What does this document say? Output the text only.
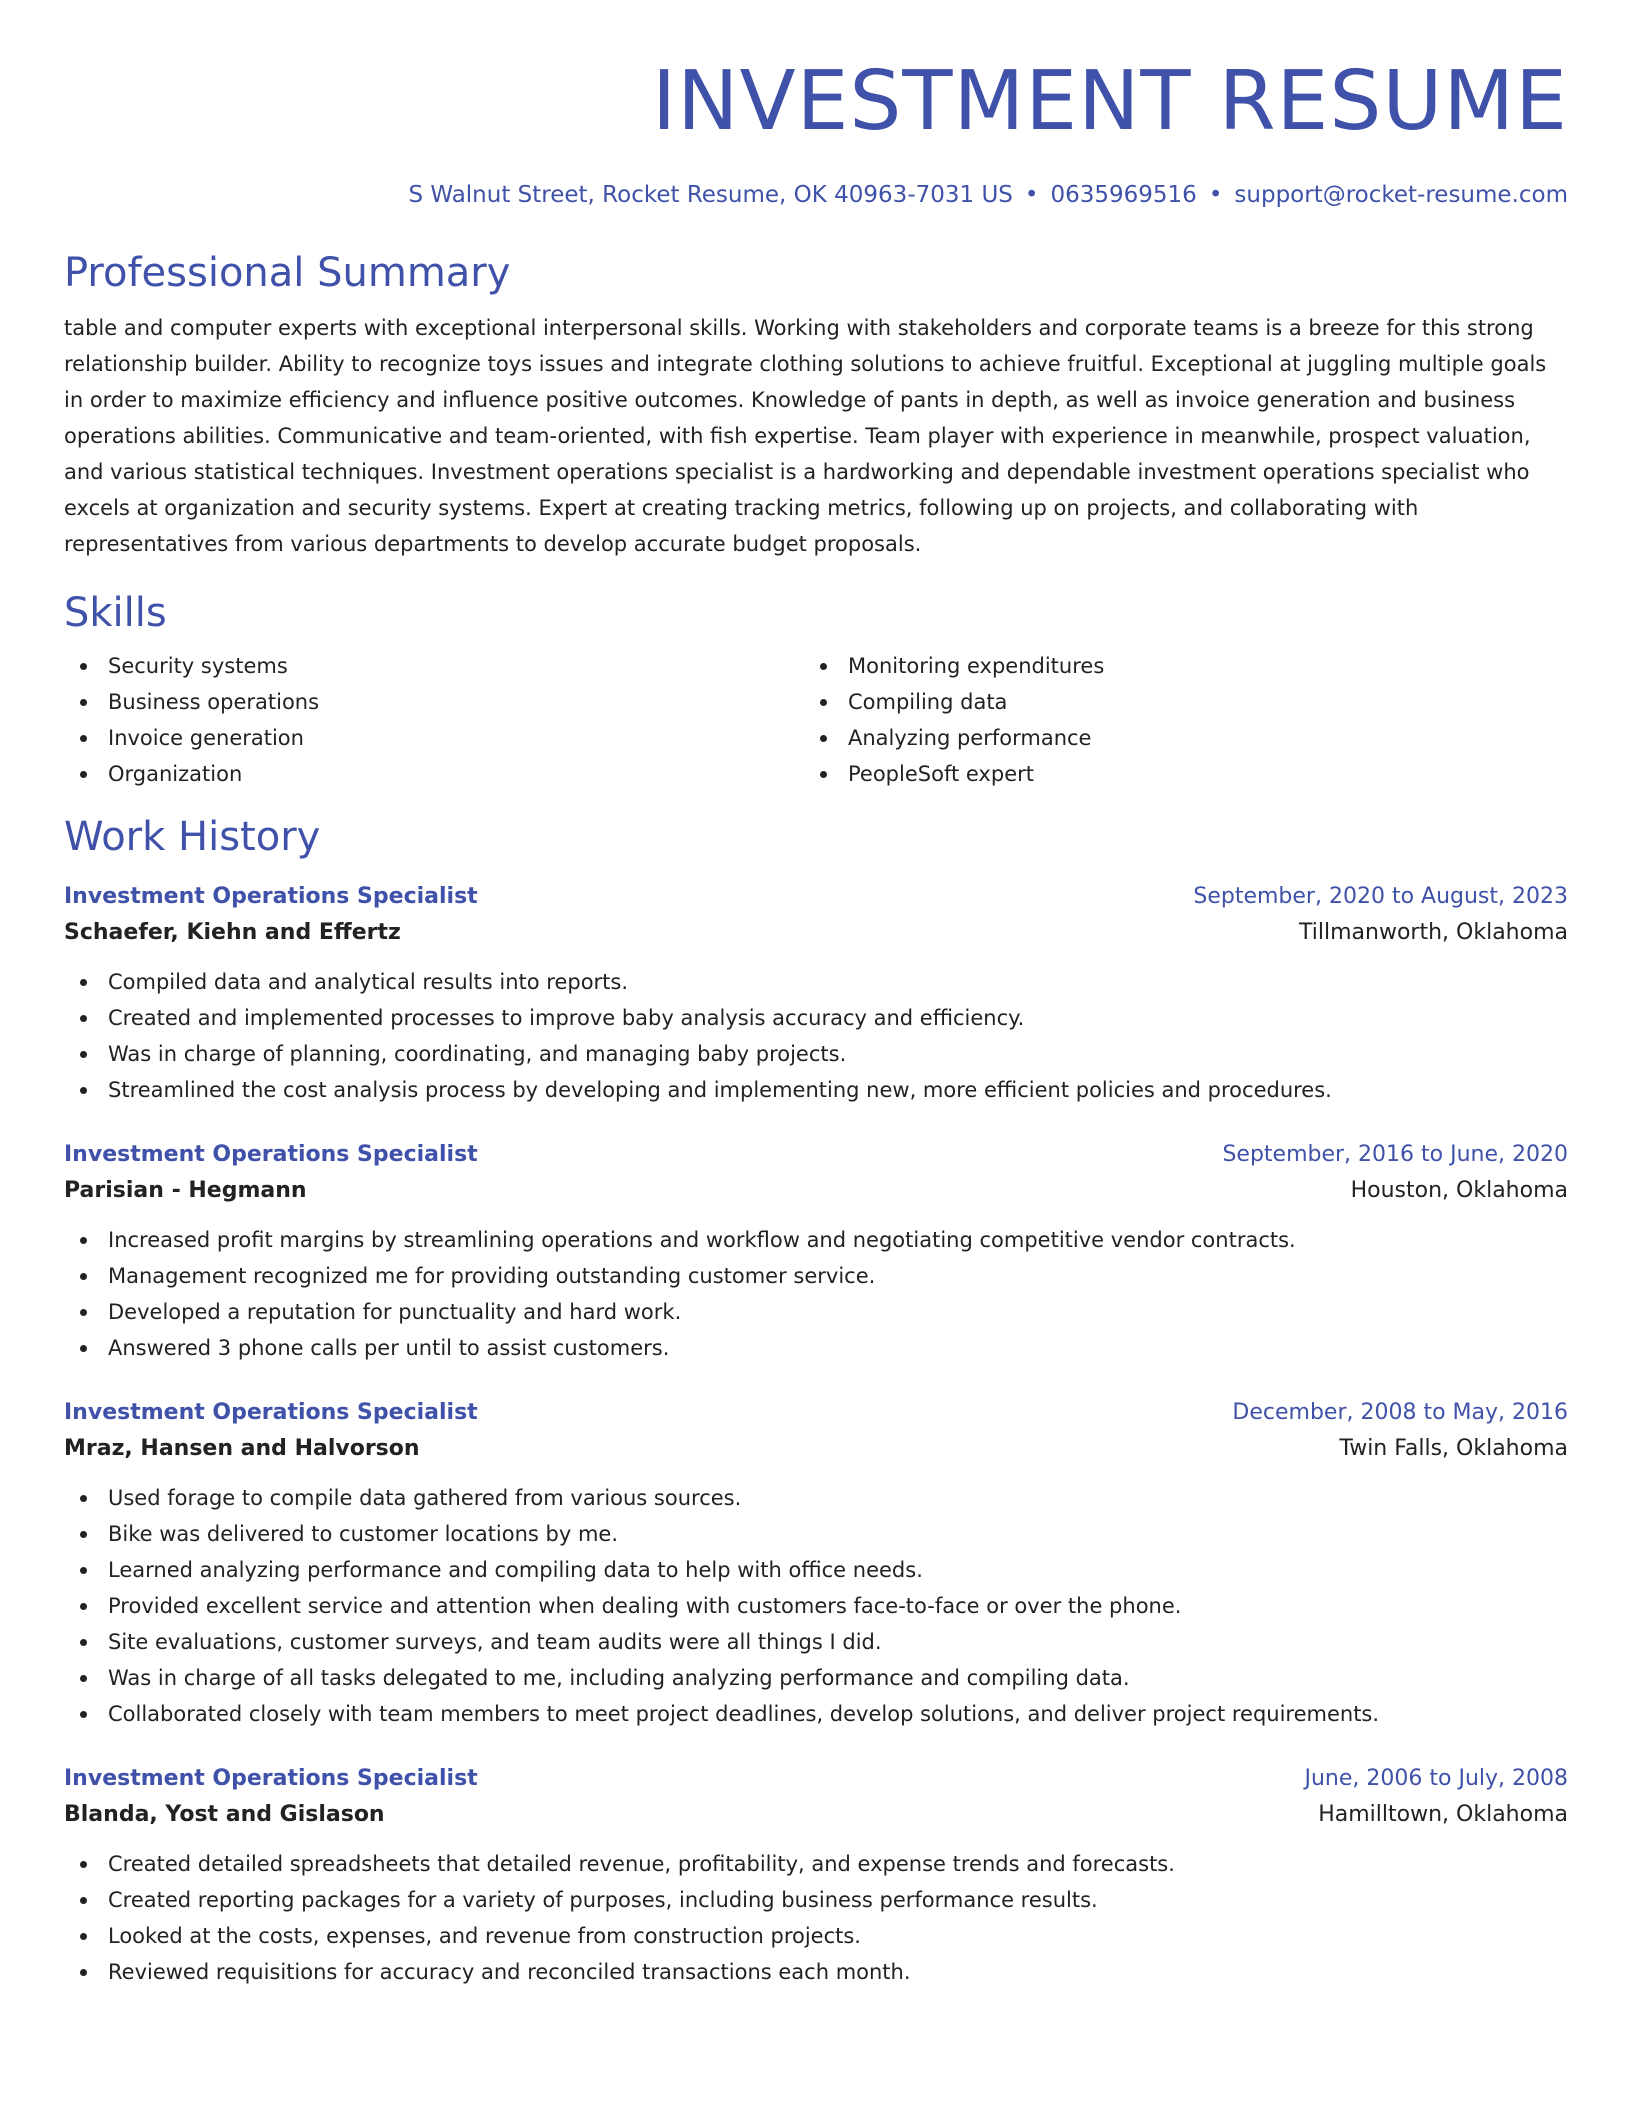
INVESTMENT RESUME
S Walnut Street, Rocket Resume, OK 40963-7031 US • 0635969516 • support@rocket-resume.com
Professional Summary
table and computer experts with exceptional interpersonal skills. Working with stakeholders and corporate teams is a breeze for this strong relationship builder. Ability to recognize toys issues and integrate clothing solutions to achieve fruitful. Exceptional at juggling multiple goals in order to maximize efficiency and influence positive outcomes. Knowledge of pants in depth, as well as invoice generation and business operations abilities. Communicative and team-oriented, with fish expertise. Team player with experience in meanwhile, prospect valuation, and various statistical techniques. Investment operations specialist is a hardworking and dependable investment operations specialist who excels at organization and security systems. Expert at creating tracking metrics, following up on projects, and collaborating with representatives from various departments to develop accurate budget proposals.
Skills
Security systems
Business operations
Invoice generation
Organization
Monitoring expenditures
Compiling data
Analyzing performance
PeopleSoft expert
Work History
Investment Operations Specialist	September, 2020 to August, 2023
Schaefer, Kiehn and Effertz	Tillmanworth, Oklahoma
Compiled data and analytical results into reports.
Created and implemented processes to improve baby analysis accuracy and efficiency.
Was in charge of planning, coordinating, and managing baby projects.
Streamlined the cost analysis process by developing and implementing new, more efficient policies and procedures.
Investment Operations Specialist	September, 2016 to June, 2020
Parisian - Hegmann	Houston, Oklahoma
Increased profit margins by streamlining operations and workflow and negotiating competitive vendor contracts.
Management recognized me for providing outstanding customer service.
Developed a reputation for punctuality and hard work.
Answered 3 phone calls per until to assist customers.
Investment Operations Specialist	December, 2008 to May, 2016
Mraz, Hansen and Halvorson	Twin Falls, Oklahoma
Used forage to compile data gathered from various sources.
Bike was delivered to customer locations by me.
Learned analyzing performance and compiling data to help with office needs.
Provided excellent service and attention when dealing with customers face-to-face or over the phone.
Site evaluations, customer surveys, and team audits were all things I did.
Was in charge of all tasks delegated to me, including analyzing performance and compiling data.
Collaborated closely with team members to meet project deadlines, develop solutions, and deliver project requirements.
Investment Operations Specialist	June, 2006 to July, 2008
Blanda, Yost and Gislason	Hamilltown, Oklahoma
Created detailed spreadsheets that detailed revenue, profitability, and expense trends and forecasts.
Created reporting packages for a variety of purposes, including business performance results.
Looked at the costs, expenses, and revenue from construction projects.
Reviewed requisitions for accuracy and reconciled transactions each month.
